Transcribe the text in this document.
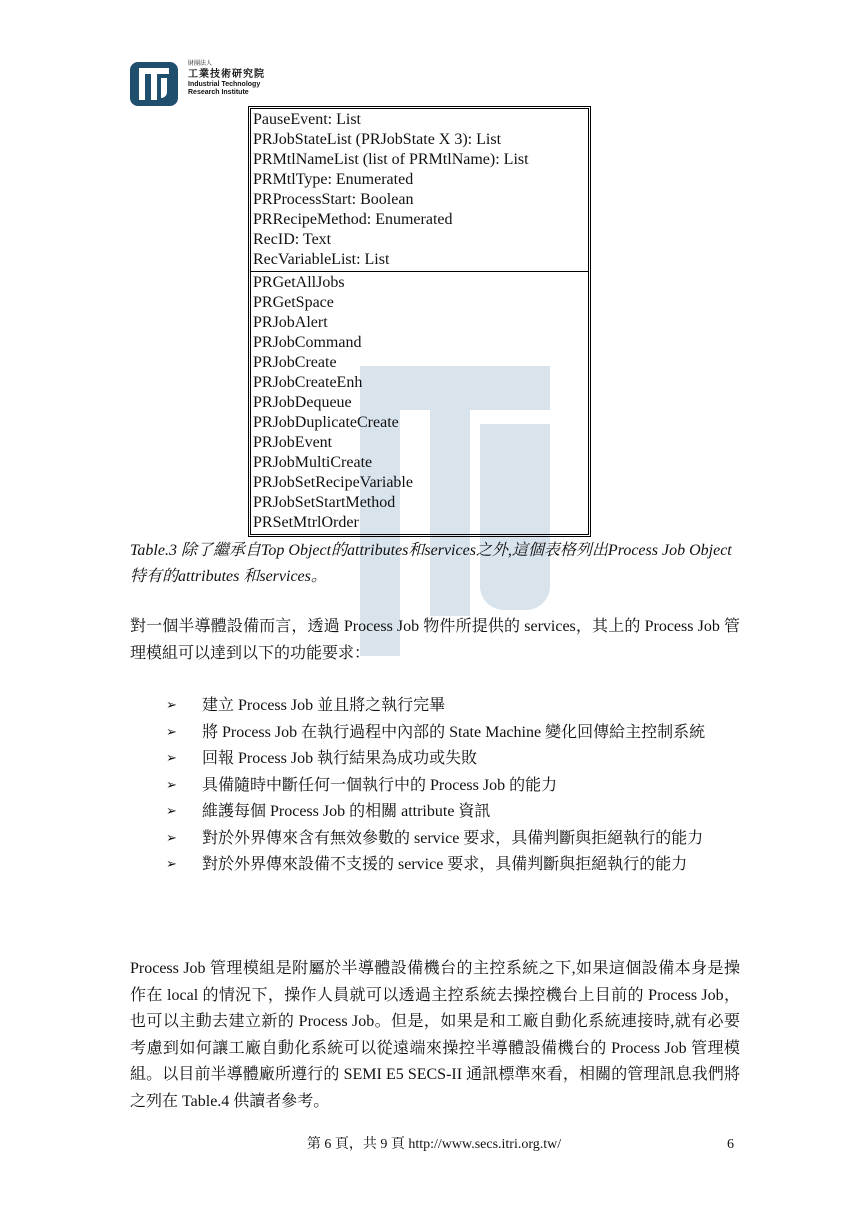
財團法人
工業技術研究院
Industrial Technology
Research Institute
PauseEvent: List
PRJobStateList (PRJobState X 3): List
PRMtlNameList (list of PRMtlName): List
PRMtlType: Enumerated
PRProcessStart: Boolean
PRRecipeMethod: Enumerated
RecID: Text
RecVariableList: List
PRGetAllJobs
PRGetSpace
PRJobAlert
PRJobCommand
PRJobCreate
PRJobCreateEnh
PRJobDequeue
PRJobDuplicateCreate
PRJobEvent
PRJobMultiCreate
PRJobSetRecipeVariable
PRJobSetStartMethod
PRSetMtrlOrder
Table.3 除了繼承自Top Object的attributes和services之外,這個表格列出Process Job Object特有的attributes 和services。
對一個半導體設備而言，透過 Process Job 物件所提供的 services，其上的 Process Job 管理模組可以達到以下的功能要求：
➢ 建立 Process Job 並且將之執行完畢
➢ 將 Process Job 在執行過程中內部的 State Machine 變化回傳給主控制系統
➢ 回報 Process Job 執行結果為成功或失敗
➢ 具備隨時中斷任何一個執行中的 Process Job 的能力
➢ 維護每個 Process Job 的相關 attribute 資訊
➢ 對於外界傳來含有無效參數的 service 要求，具備判斷與拒絕執行的能力
➢ 對於外界傳來設備不支援的 service 要求，具備判斷與拒絕執行的能力
Process Job 管理模組是附屬於半導體設備機台的主控系統之下,如果這個設備本身是操作在 local 的情況下，操作人員就可以透過主控系統去操控機台上目前的 Process Job，也可以主動去建立新的 Process Job。但是，如果是和工廠自動化系統連接時,就有必要考慮到如何讓工廠自動化系統可以從遠端來操控半導體設備機台的 Process Job 管理模組。以目前半導體廠所遵行的 SEMI E5 SECS-II 通訊標準來看，相關的管理訊息我們將之列在 Table.4 供讀者參考。
第 6 頁，共 9 頁 http://www.secs.itri.org.tw/	6
